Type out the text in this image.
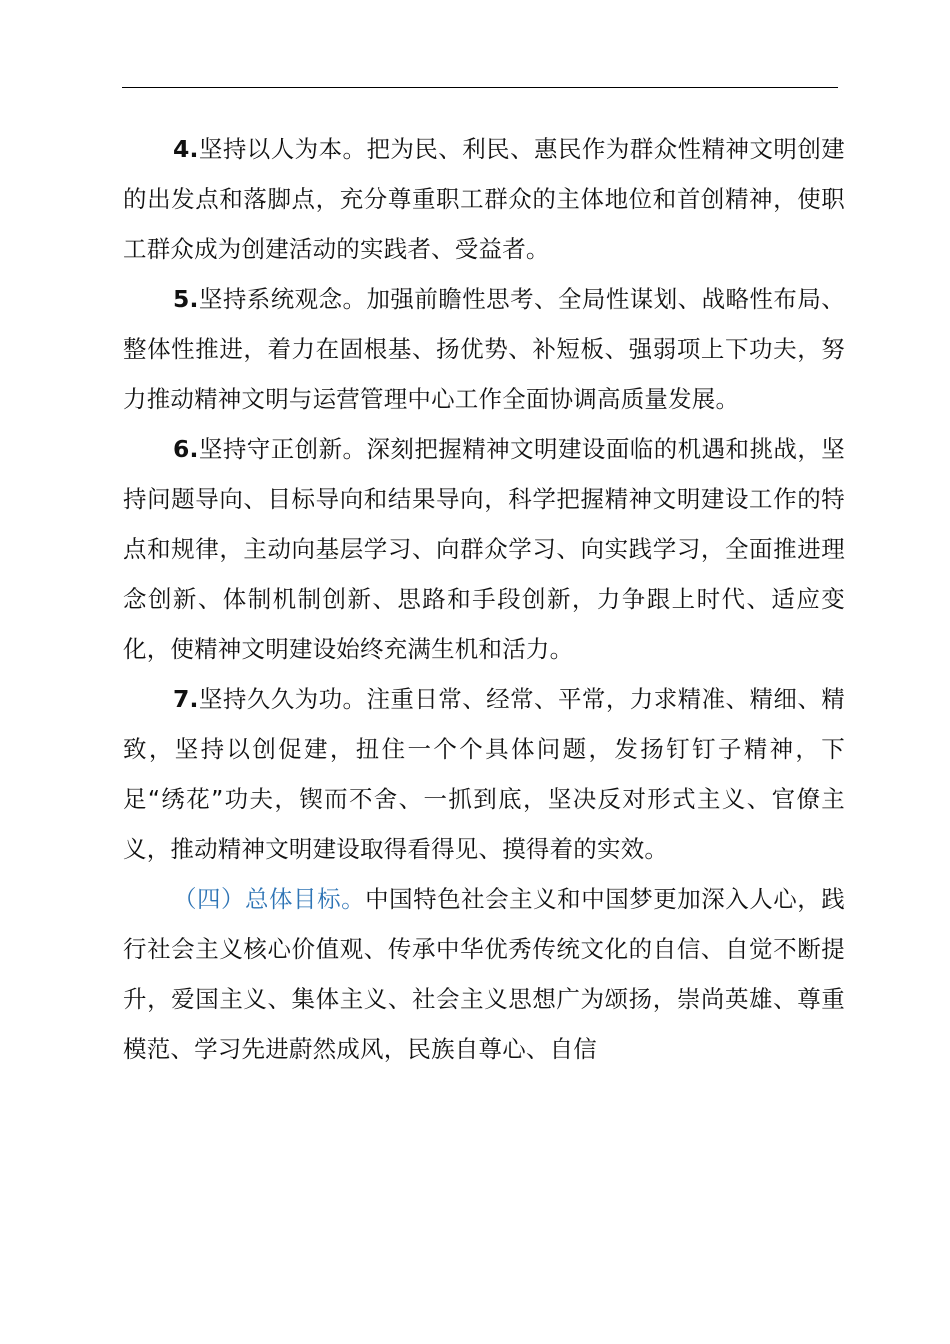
4.坚持以人为本。把为民、利民、惠民作为群众性精神文明创建的出发点和落脚点，充分尊重职工群众的主体地位和首创精神，使职工群众成为创建活动的实践者、受益者。

5.坚持系统观念。加强前瞻性思考、全局性谋划、战略性布局、整体性推进，着力在固根基、扬优势、补短板、强弱项上下功夫，努力推动精神文明与运营管理中心工作全面协调高质量发展。

6.坚持守正创新。深刻把握精神文明建设面临的机遇和挑战，坚持问题导向、目标导向和结果导向，科学把握精神文明建设工作的特点和规律，主动向基层学习、向群众学习、向实践学习，全面推进理念创新、体制机制创新、思路和手段创新，力争跟上时代、适应变化，使精神文明建设始终充满生机和活力。

7.坚持久久为功。注重日常、经常、平常，力求精准、精细、精致，坚持以创促建，扭住一个个具体问题，发扬钉钉子精神，下足“绣花”功夫，锲而不舍、一抓到底，坚决反对形式主义、官僚主义，推动精神文明建设取得看得见、摸得着的实效。

（四）总体目标。中国特色社会主义和中国梦更加深入人心，践行社会主义核心价值观、传承中华优秀传统文化的自信、自觉不断提升，爱国主义、集体主义、社会主义思想广为颂扬，崇尚英雄、尊重模范、学习先进蔚然成风，民族自尊心、自信
